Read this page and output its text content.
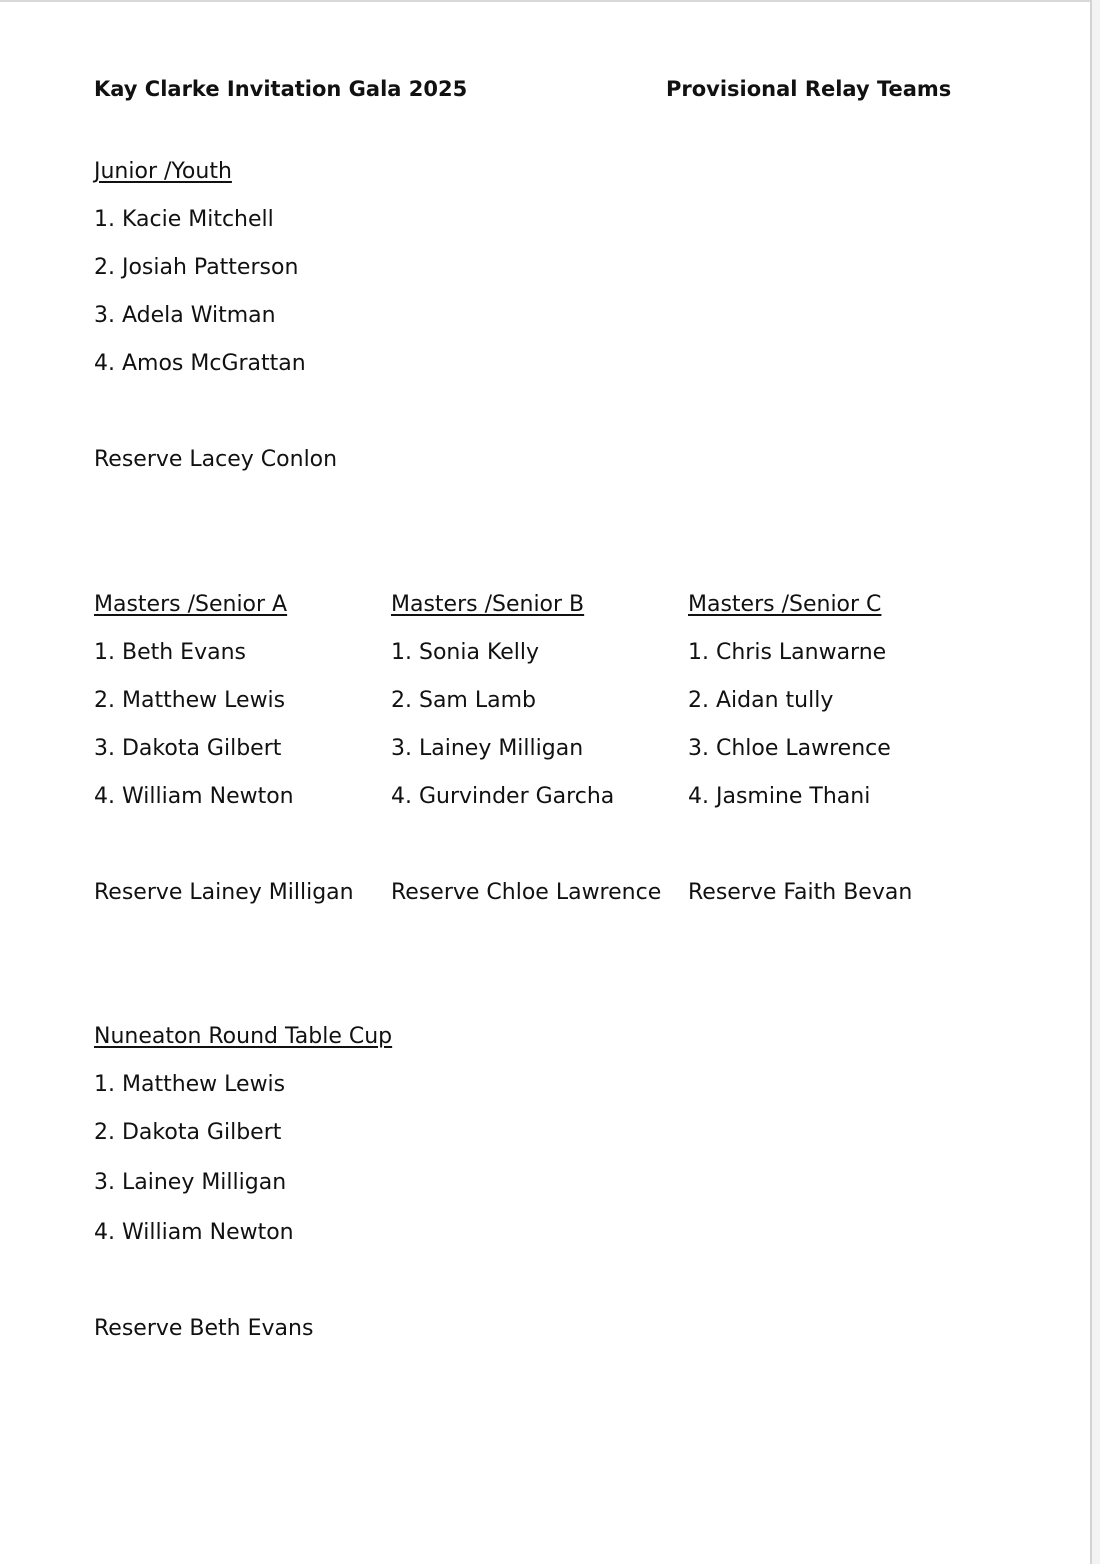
Kay Clarke Invitation Gala 2025	Provisional Relay Teams
Junior /Youth
1. Kacie Mitchell
2. Josiah Patterson
3. Adela Witman
4. Amos McGrattan
Reserve Lacey Conlon
Masters /Senior A
1. Beth Evans
2. Matthew Lewis
3. Dakota Gilbert
4. William Newton
Reserve Lainey Milligan
Masters /Senior B
1. Sonia Kelly
2. Sam Lamb
3. Lainey Milligan
4. Gurvinder Garcha
Reserve Chloe Lawrence
Masters /Senior C
1. Chris Lanwarne
2. Aidan tully
3. Chloe Lawrence
4. Jasmine Thani
Reserve Faith Bevan
Nuneaton Round Table Cup
1. Matthew Lewis
2. Dakota Gilbert
3. Lainey Milligan
4. William Newton
Reserve Beth Evans
